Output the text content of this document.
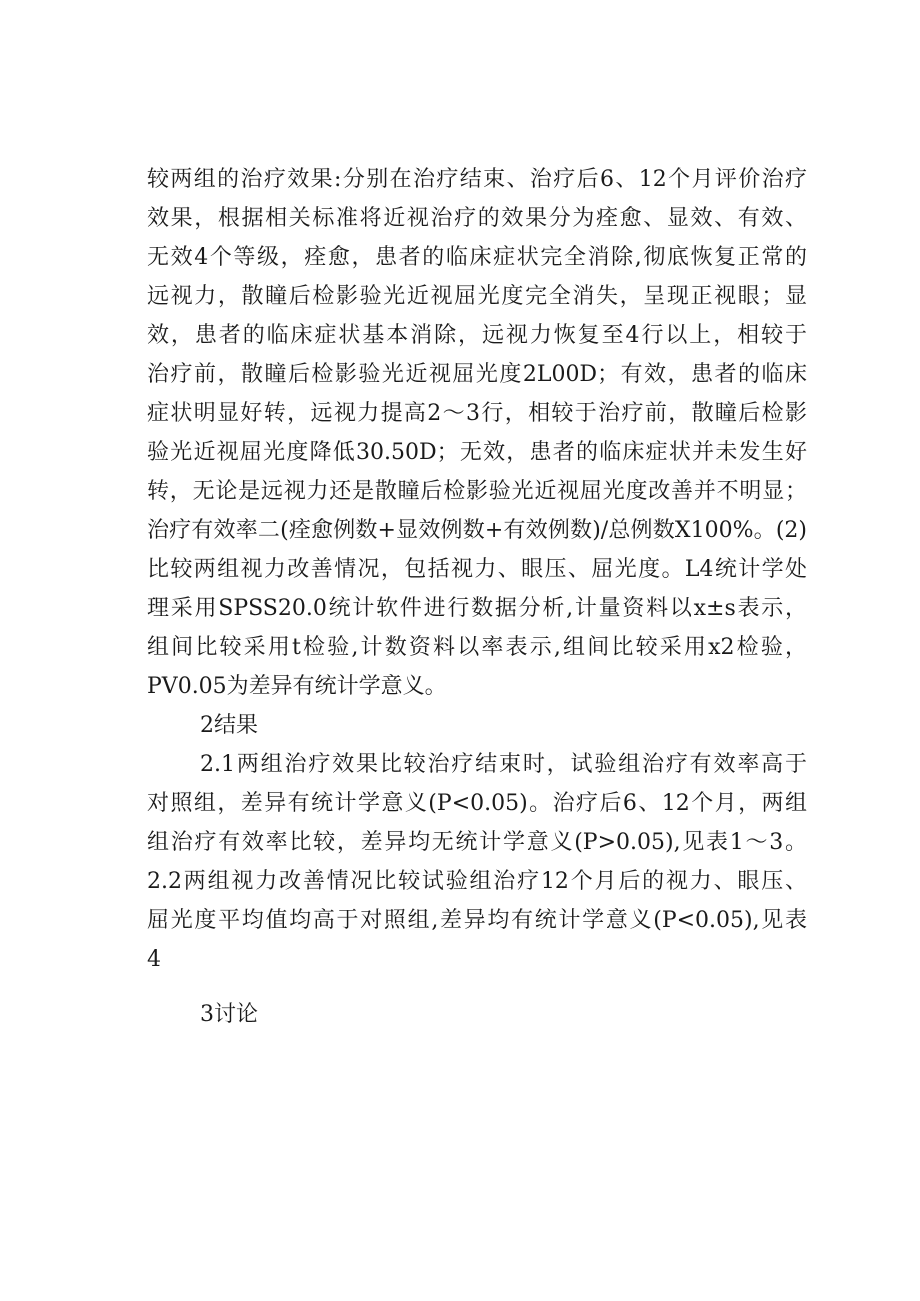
较两组的治疗效果:分别在治疗结束、治疗后6、12个月评价治疗
效果，根据相关标准将近视治疗的效果分为痊愈、显效、有效、
无效4个等级，痊愈，患者的临床症状完全消除,彻底恢复正常的
远视力，散瞳后检影验光近视屈光度完全消失，呈现正视眼；显
效，患者的临床症状基本消除，远视力恢复至4行以上，相较于
治疗前，散瞳后检影验光近视屈光度2L00D；有效，患者的临床
症状明显好转，远视力提高2～3行，相较于治疗前，散瞳后检影
验光近视屈光度降低30.50D；无效，患者的临床症状并未发生好
转，无论是远视力还是散瞳后检影验光近视屈光度改善并不明显；
治疗有效率二(痊愈例数+显效例数+有效例数)/总例数X100%。(2)
比较两组视力改善情况，包括视力、眼压、屈光度。L4统计学处
理采用SPSS20.0统计软件进行数据分析,计量资料以x±s表示，
组间比较采用t检验,计数资料以率表示,组间比较采用x2检验，
PV0.05为差异有统计学意义。
2结果
2.1两组治疗效果比较治疗结束时，试验组治疗有效率高于
对照组，差异有统计学意义(P<0.05)。治疗后6、12个月，两组
组治疗有效率比较，差异均无统计学意义(P>0.05),见表1～3。
2.2两组视力改善情况比较试验组治疗12个月后的视力、眼压、
屈光度平均值均高于对照组,差异均有统计学意义(P<0.05),见表
4
3讨论
